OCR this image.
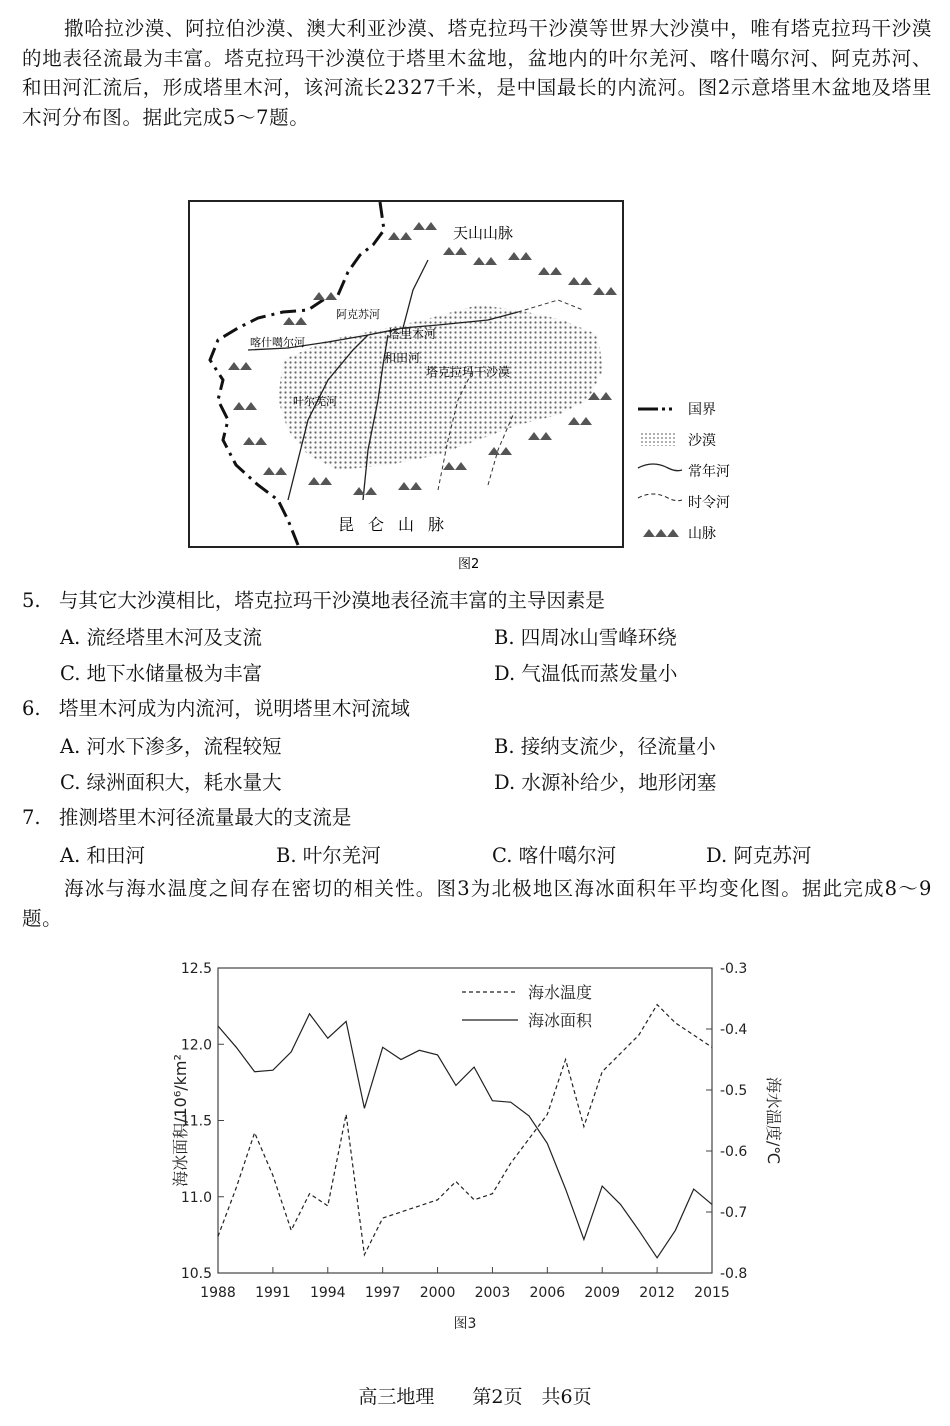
撒哈拉沙漠、阿拉伯沙漠、澳大利亚沙漠、塔克拉玛干沙漠等世界大沙漠中，唯有塔克拉玛干沙漠的地表径流最为丰富。塔克拉玛干沙漠位于塔里木盆地，盆地内的叶尔羌河、喀什噶尔河、阿克苏河、和田河汇流后，形成塔里木河，该河流长2327千米，是中国最长的内流河。图2示意塔里木盆地及塔里木河分布图。据此完成5～7题。
天山山脉
喀什噶尔河
阿克苏河
塔里木河
和田河
塔克拉玛干沙漠
叶尔羌河
昆仑山脉
国界
沙漠
常年河
时令河
山脉
图2
5. 与其它大沙漠相比，塔克拉玛干沙漠地表径流丰富的主导因素是
A. 流经塔里木河及支流	B. 四周冰山雪峰环绕
C. 地下水储量极为丰富	D. 气温低而蒸发量小
6. 塔里木河成为内流河，说明塔里木河流域
A. 河水下渗多，流程较短	B. 接纳支流少，径流量小
C. 绿洲面积大，耗水量大	D. 水源补给少，地形闭塞
7. 推测塔里木河径流量最大的支流是
A. 和田河	B. 叶尔羌河	C. 喀什噶尔河	D. 阿克苏河
海冰与海水温度之间存在密切的相关性。图3为北极地区海冰面积年平均变化图。据此完成8～9题。
12.5
12.0
11.5
11.0
10.5
-0.3
-0.4
-0.5
-0.6
-0.7
-0.8
1988 1991 1994 1997 2000 2003 2006 2009 2012 2015
海冰面积/10⁶/km²	海水温度/℃
海水温度
海冰面积
图3
高三地理　　第2页　共6页
